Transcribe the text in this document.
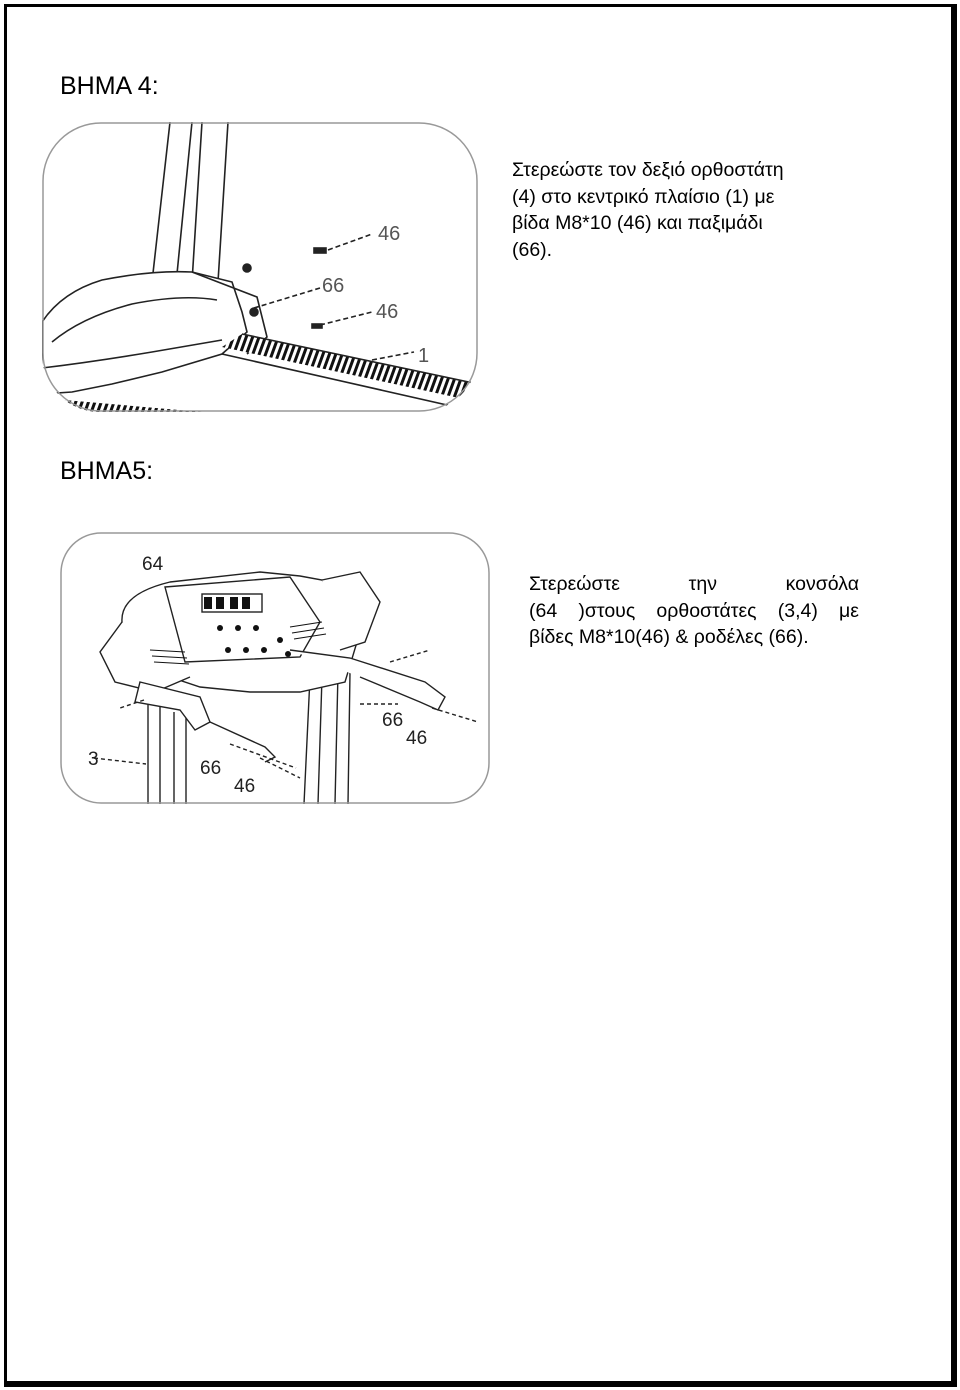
ΒΗΜΑ 4:
46
66
46
1
Στερεώστε τον δεξιό ορθοστάτη
(4) στο κεντρικό πλαίσιο (1) με
βίδα Μ8*10 (46) και παξιμάδι
(66).
ΒΗΜΑ5:
64
66
46
3
66
46
Στερεώστε την κονσόλα
(64 )στους ορθοστάτες (3,4) με
βίδες Μ8*10(46) & ροδέλες (66).
